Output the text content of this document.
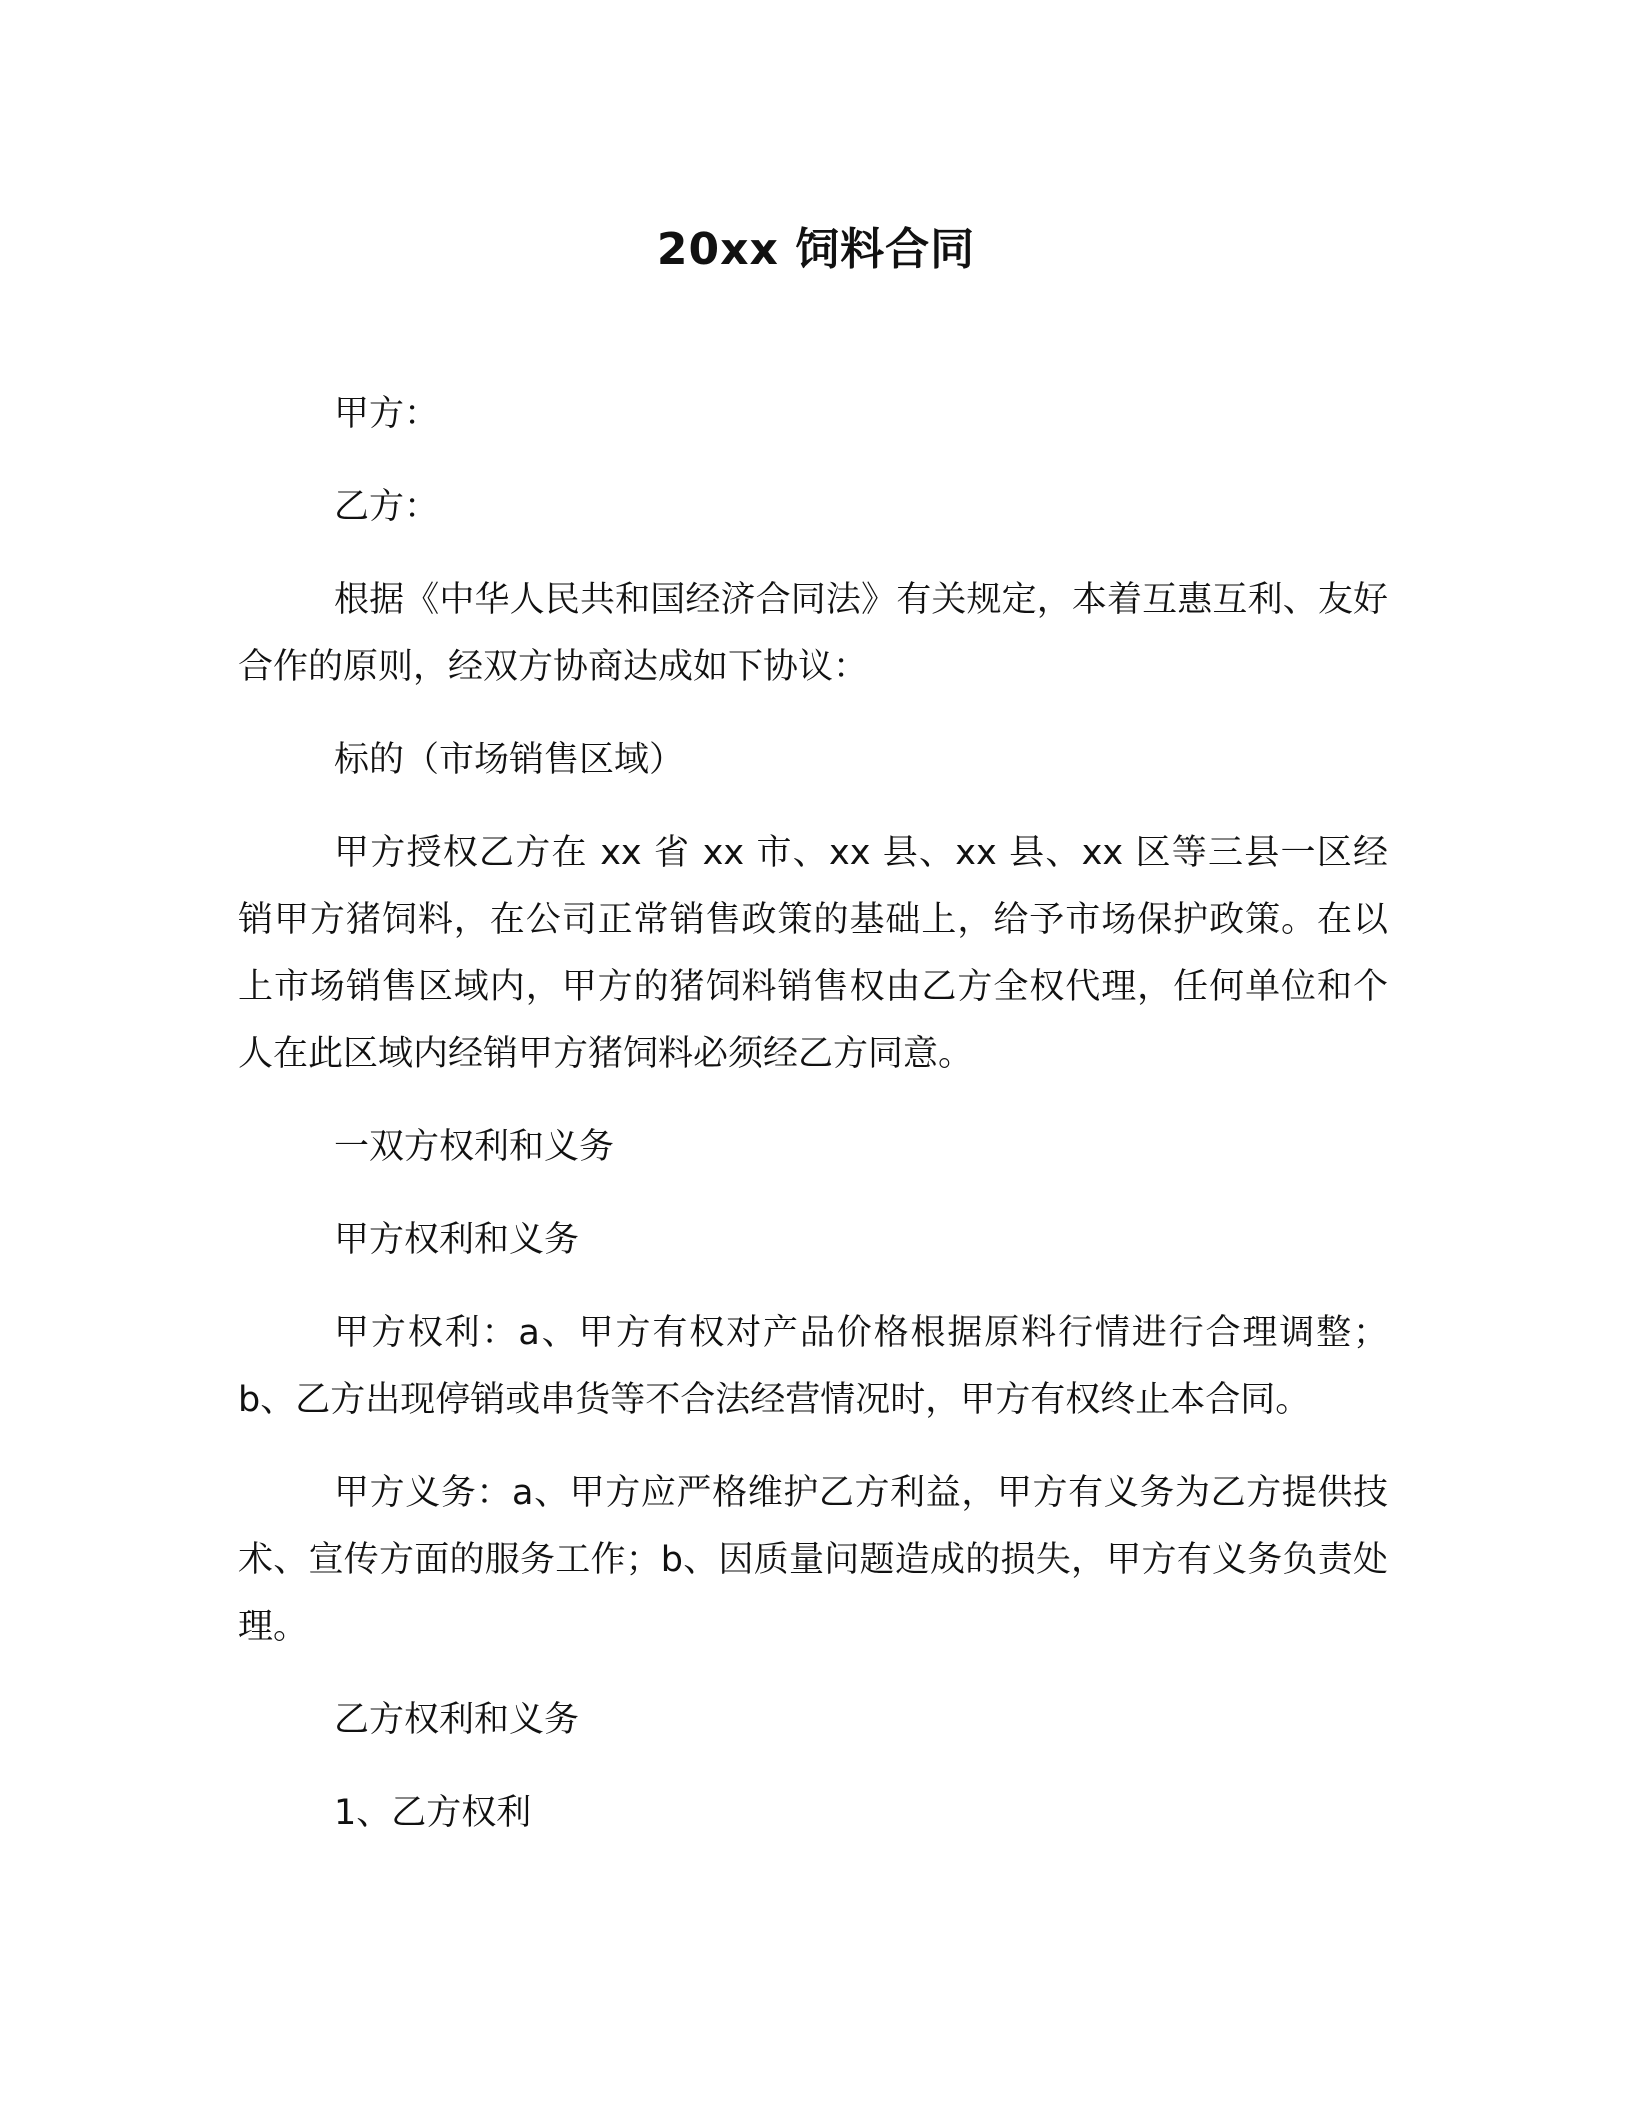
20xx 饲料合同

甲方：

乙方：

根据《中华人民共和国经济合同法》有关规定，本着互惠互利、友好合作的原则，经双方协商达成如下协议：

标的（市场销售区域）

甲方授权乙方在 xx 省 xx 市、xx 县、xx 县、xx 区等三县一区经销甲方猪饲料，在公司正常销售政策的基础上，给予市场保护政策。在以上市场销售区域内，甲方的猪饲料销售权由乙方全权代理，任何单位和个人在此区域内经销甲方猪饲料必须经乙方同意。

一双方权利和义务

甲方权利和义务

甲方权利：a、甲方有权对产品价格根据原料行情进行合理调整；b、乙方出现停销或串货等不合法经营情况时，甲方有权终止本合同。

甲方义务：a、甲方应严格维护乙方利益，甲方有义务为乙方提供技术、宣传方面的服务工作；b、因质量问题造成的损失，甲方有义务负责处理。

乙方权利和义务

1、乙方权利
